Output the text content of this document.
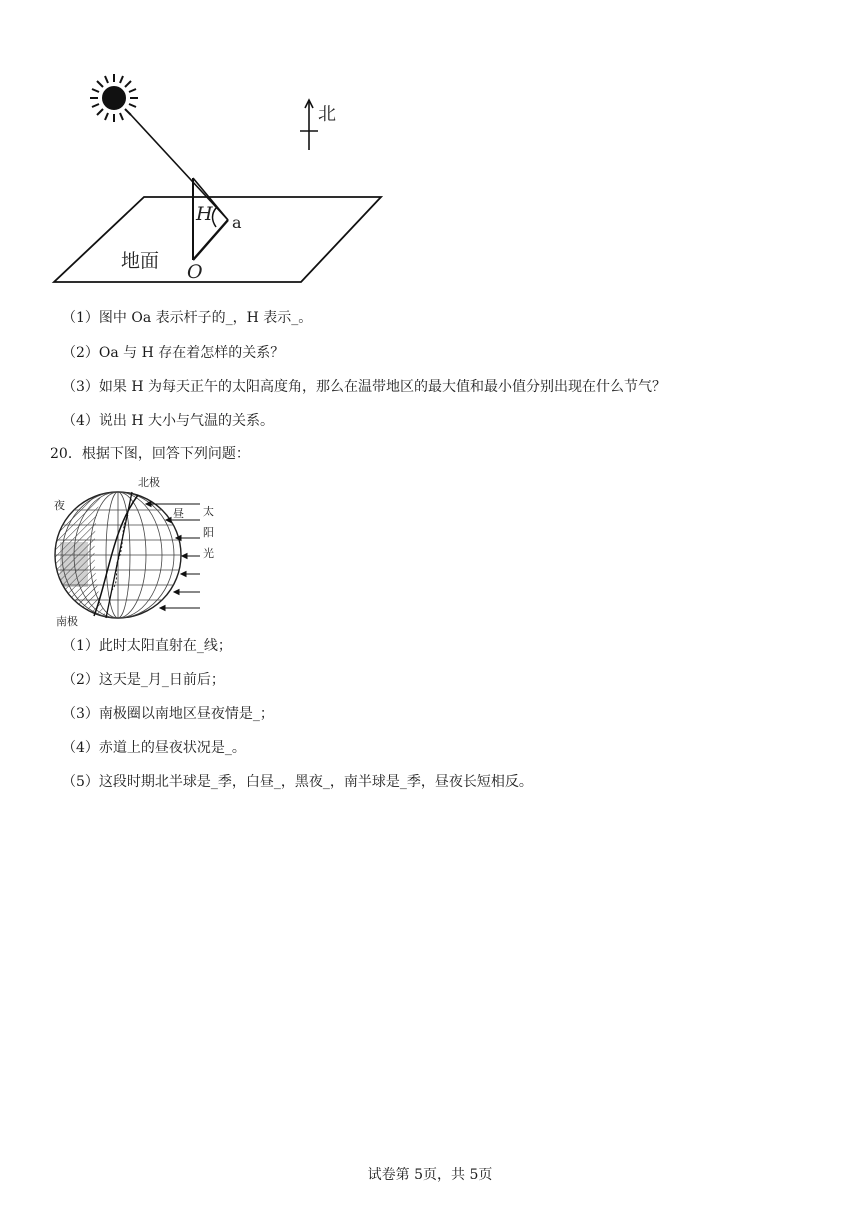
北
地面
H a
O
（1）图中 Oa 表示杆子的_，H 表示_。
（2）Oa 与 H 存在着怎样的关系？
（3）如果 H 为每天正午的太阳高度角，那么在温带地区的最大值和最小值分别出现在什么节气？
（4）说出 H 大小与气温的关系。
20．根据下图，回答下列问题：
北极
夜
昼 太
阳
光
南极
（1）此时太阳直射在_线；
（2）这天是_月_日前后；
（3）南极圈以南地区昼夜情是_；
（4）赤道上的昼夜状况是_。
（5）这段时期北半球是_季，白昼_，黑夜_，南半球是_季，昼夜长短相反。
试卷第 5页，共 5页
